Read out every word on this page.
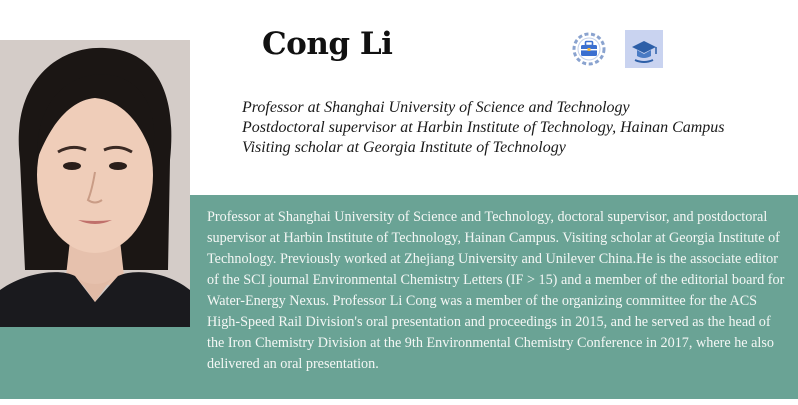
Cong Li
Professor at Shanghai University of Science and Technology
Postdoctoral supervisor at Harbin Institute of Technology, Hainan Campus
Visiting scholar at Georgia Institute of Technology
Professor at Shanghai University of Science and Technology, doctoral supervisor, and postdoctoral supervisor at Harbin Institute of Technology, Hainan Campus. Visiting scholar at Georgia Institute of Technology. Previously worked at Zhejiang University and Unilever China.He is the associate editor of the SCI journal Environmental Chemistry Letters (IF > 15) and a member of the editorial board for Water-Energy Nexus. Professor Li Cong was a member of the organizing committee for the ACS High-Speed Rail Division's oral presentation and proceedings in 2015, and he served as the head of the Iron Chemistry Division at the 9th Environmental Chemistry Conference in 2017, where he also delivered an oral presentation.
